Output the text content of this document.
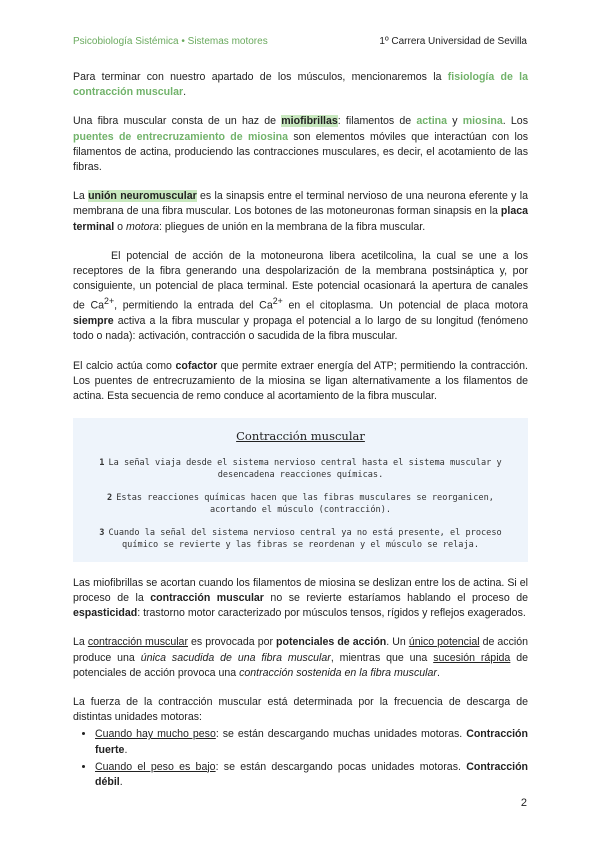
Psicobiología Sistémica • Sistemas motores	1º Carrera Universidad de Sevilla

Para terminar con nuestro apartado de los músculos, mencionaremos la fisiología de la contracción muscular.

Una fibra muscular consta de un haz de miofibrillas: filamentos de actina y miosina. Los puentes de entrecruzamiento de miosina son elementos móviles que interactúan con los filamentos de actina, produciendo las contracciones musculares, es decir, el acotamiento de las fibras.

La unión neuromuscular es la sinapsis entre el terminal nervioso de una neurona eferente y la membrana de una fibra muscular. Los botones de las motoneuronas forman sinapsis en la placa terminal o motora: pliegues de unión en la membrana de la fibra muscular.

El potencial de acción de la motoneurona libera acetilcolina, la cual se une a los receptores de la fibra generando una despolarización de la membrana postsináptica y, por consiguiente, un potencial de placa terminal. Este potencial ocasionará la apertura de canales de $Ca^{2+}$, permitiendo la entrada del $Ca^{2+}$ en el citoplasma. Un potencial de placa motora siempre activa a la fibra muscular y propaga el potencial a lo largo de su longitud (fenómeno todo o nada): activación, contracción o sacudida de la fibra muscular.

El calcio actúa como cofactor que permite extraer energía del ATP; permitiendo la contracción. Los puentes de entrecruzamiento de la miosina se ligan alternativamente a los filamentos de actina. Esta secuencia de remo conduce al acortamiento de la fibra muscular.

Contracción muscular
1 La señal viaja desde el sistema nervioso central hasta el sistema muscular y desencadena reacciones químicas.
2 Estas reacciones químicas hacen que las fibras musculares se reorganicen, acortando el músculo (contracción).
3 Cuando la señal del sistema nervioso central ya no está presente, el proceso químico se revierte y las fibras se reordenan y el músculo se relaja.

Las miofibrillas se acortan cuando los filamentos de miosina se deslizan entre los de actina. Si el proceso de la contracción muscular no se revierte estaríamos hablando el proceso de espasticidad: trastorno motor caracterizado por músculos tensos, rígidos y reflejos exagerados.

La contracción muscular es provocada por potenciales de acción. Un único potencial de acción produce una única sacudida de una fibra muscular, mientras que una sucesión rápida de potenciales de acción provoca una contracción sostenida en la fibra muscular.

La fuerza de la contracción muscular está determinada por la frecuencia de descarga de distintas unidades motoras:

• Cuando hay mucho peso: se están descargando muchas unidades motoras. Contracción fuerte.
• Cuando el peso es bajo: se están descargando pocas unidades motoras. Contracción débil.
2
